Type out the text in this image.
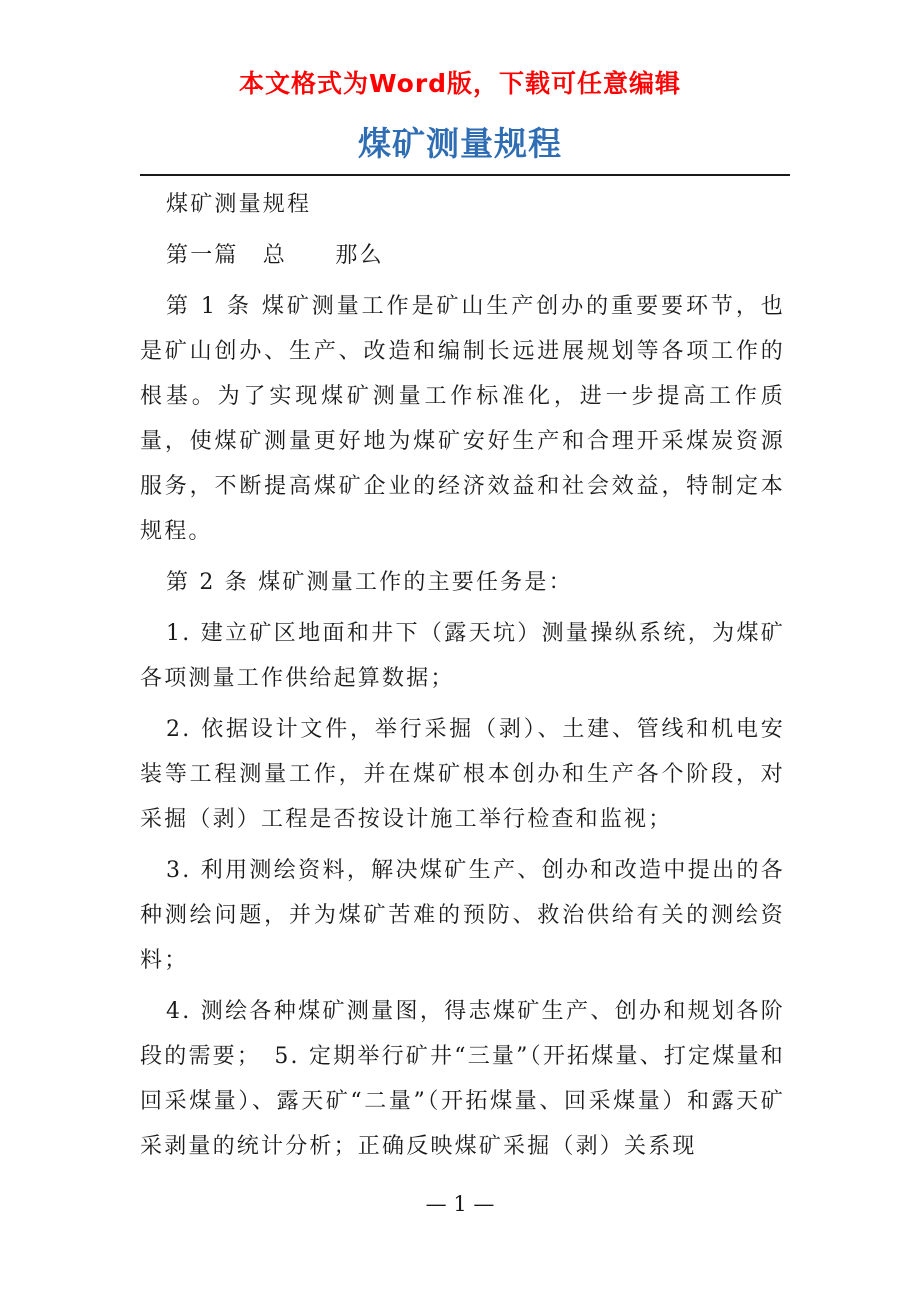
本文格式为Word版，下载可任意编辑
煤矿测量规程

煤矿测量规程

第一篇　总　　那么

第 1 条 煤矿测量工作是矿山生产创办的重要要环节，也是矿山创办、生产、改造和编制长远进展规划等各项工作的根基。为了实现煤矿测量工作标准化，进一步提高工作质量，使煤矿测量更好地为煤矿安好生产和合理开采煤炭资源服务，不断提高煤矿企业的经济效益和社会效益，特制定本规程。

第 2 条 煤矿测量工作的主要任务是：

1. 建立矿区地面和井下（露天坑）测量操纵系统，为煤矿各项测量工作供给起算数据；

2. 依据设计文件，举行采掘（剥）、土建、管线和机电安装等工程测量工作，并在煤矿根本创办和生产各个阶段，对采掘（剥）工程是否按设计施工举行检查和监视；

3. 利用测绘资料，解决煤矿生产、创办和改造中提出的各种测绘问题，并为煤矿苦难的预防、救治供给有关的测绘资料；

4. 测绘各种煤矿测量图，得志煤矿生产、创办和规划各阶段的需要；　5. 定期举行矿井“三量”（开拓煤量、打定煤量和回采煤量）、露天矿“二量”（开拓煤量、回采煤量）和露天矿采剥量的统计分析；正确反映煤矿采掘（剥）关系现

— 1 —
